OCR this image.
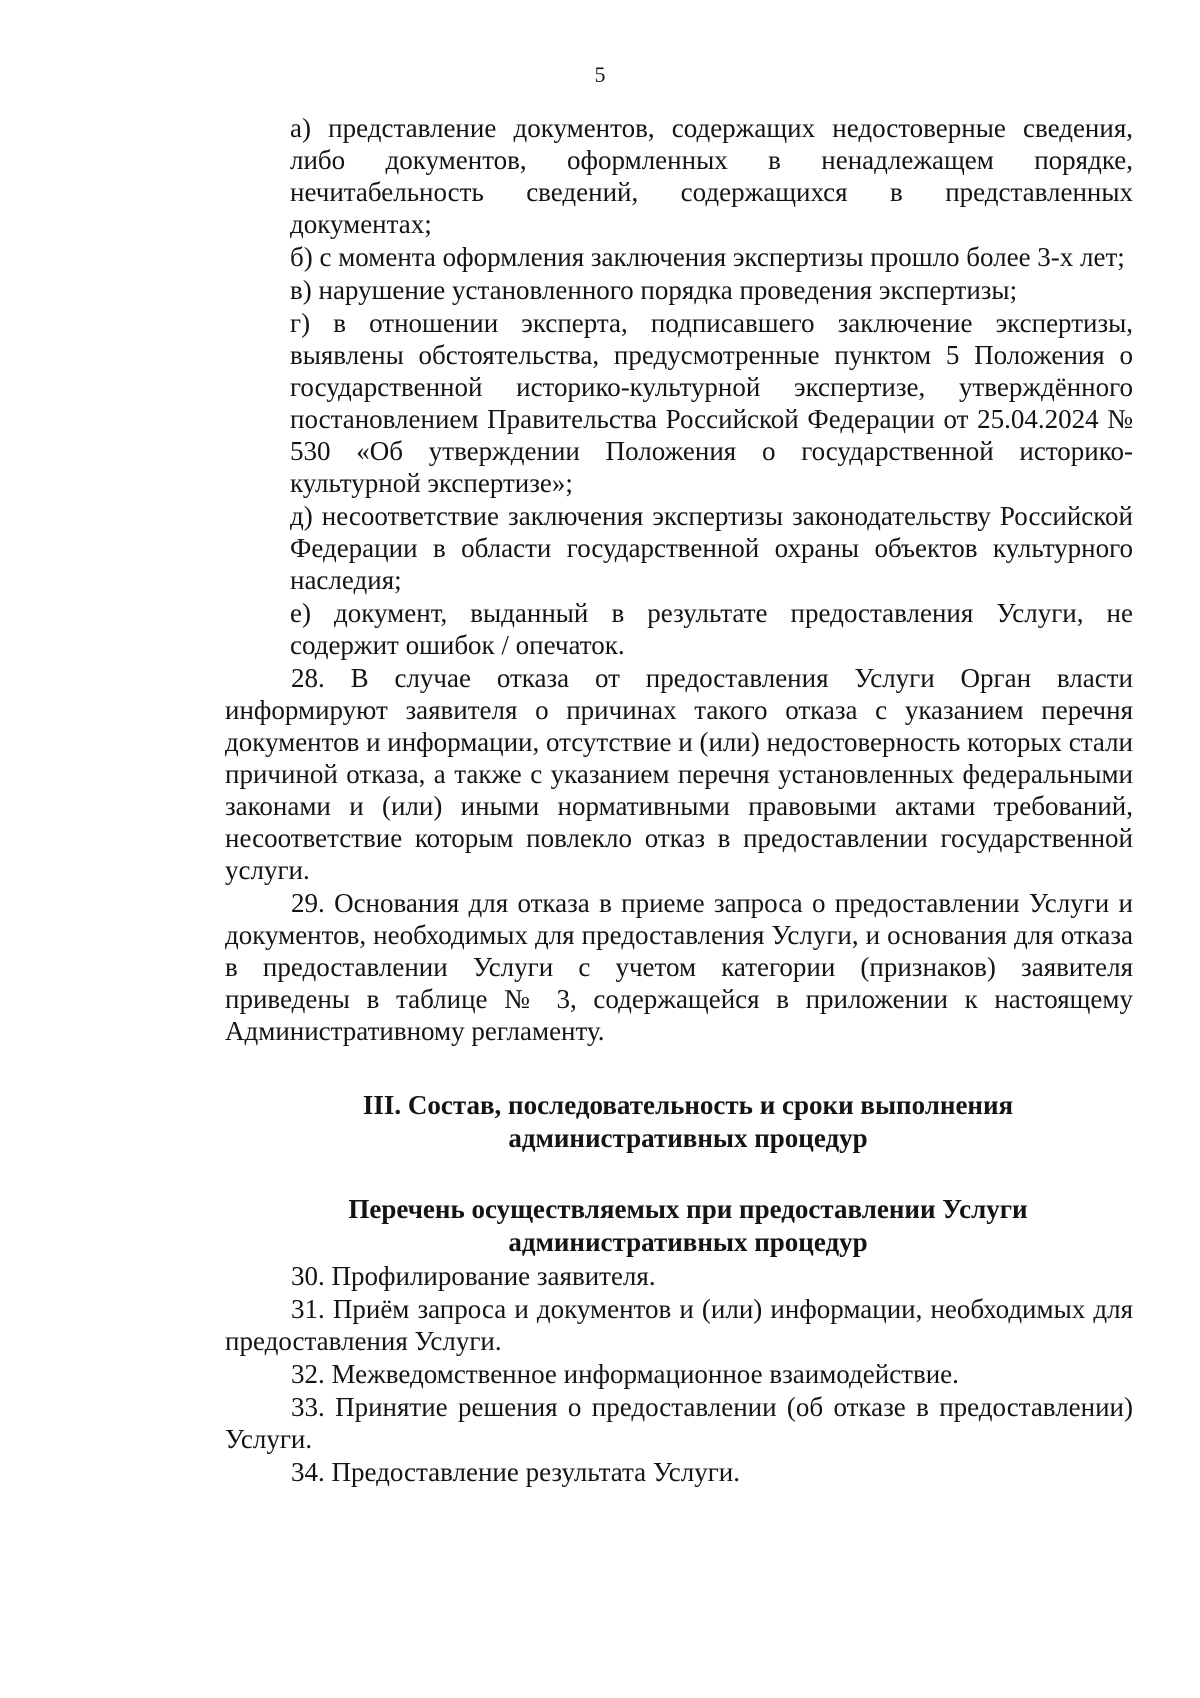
5

а) представление документов, содержащих недостоверные сведения, либо документов, оформленных в ненадлежащем порядке, нечитабельность сведений, содержащихся в представленных документах;

б) с момента оформления заключения экспертизы прошло более 3-х лет;

в) нарушение установленного порядка проведения экспертизы;

г) в отношении эксперта, подписавшего заключение экспертизы, выявлены обстоятельства, предусмотренные пунктом 5 Положения о государственной историко-культурной экспертизе, утверждённого постановлением Правительства Российской Федерации от 25.04.2024 № 530 «Об утверждении Положения о государственной историко-культурной экспертизе»;

д) несоответствие заключения экспертизы законодательству Российской Федерации в области государственной охраны объектов культурного наследия;

е) документ, выданный в результате предоставления Услуги, не содержит ошибок / опечаток.

28. В случае отказа от предоставления Услуги Орган власти информируют заявителя о причинах такого отказа с указанием перечня документов и информации, отсутствие и (или) недостоверность которых стали причиной отказа, а также с указанием перечня установленных федеральными законами и (или) иными нормативными правовыми актами требований, несоответствие которым повлекло отказ в предоставлении государственной услуги.

29. Основания для отказа в приеме запроса о предоставлении Услуги и документов, необходимых для предоставления Услуги, и основания для отказа в предоставлении Услуги с учетом категории (признаков) заявителя приведены в таблице № 3, содержащейся в приложении к настоящему Административному регламенту.

III. Состав, последовательность и сроки выполнения
административных процедур
Перечень осуществляемых при предоставлении Услуги
административных процедур

30. Профилирование заявителя.

31. Приём запроса и документов и (или) информации, необходимых для предоставления Услуги.

32. Межведомственное информационное взаимодействие.

33. Принятие решения о предоставлении (об отказе в предоставлении) Услуги.

34. Предоставление результата Услуги.
